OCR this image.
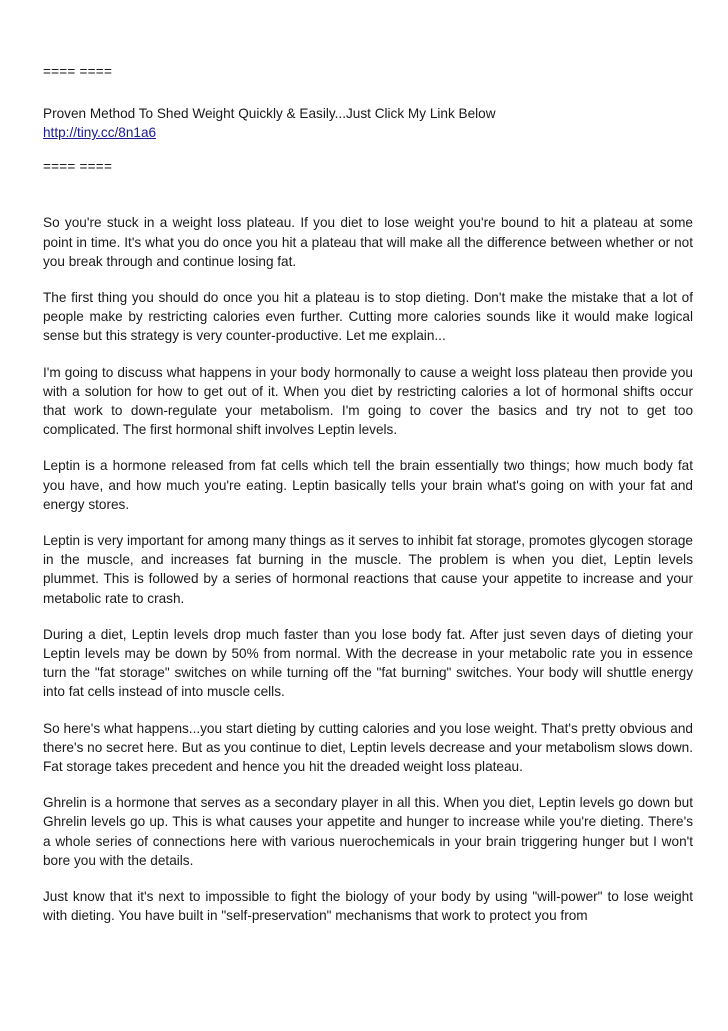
==== ====
Proven Method To Shed Weight Quickly & Easily...Just Click My Link Below
http://tiny.cc/8n1a6
==== ====

So you're stuck in a weight loss plateau. If you diet to lose weight you're bound to hit a plateau at some point in time. It's what you do once you hit a plateau that will make all the difference between whether or not you break through and continue losing fat.

The first thing you should do once you hit a plateau is to stop dieting. Don't make the mistake that a lot of people make by restricting calories even further. Cutting more calories sounds like it would make logical sense but this strategy is very counter-productive. Let me explain...

I'm going to discuss what happens in your body hormonally to cause a weight loss plateau then provide you with a solution for how to get out of it. When you diet by restricting calories a lot of hormonal shifts occur that work to down-regulate your metabolism. I'm going to cover the basics and try not to get too complicated. The first hormonal shift involves Leptin levels.

Leptin is a hormone released from fat cells which tell the brain essentially two things; how much body fat you have, and how much you're eating. Leptin basically tells your brain what's going on with your fat and energy stores.

Leptin is very important for among many things as it serves to inhibit fat storage, promotes glycogen storage in the muscle, and increases fat burning in the muscle. The problem is when you diet, Leptin levels plummet. This is followed by a series of hormonal reactions that cause your appetite to increase and your metabolic rate to crash.

During a diet, Leptin levels drop much faster than you lose body fat. After just seven days of dieting your Leptin levels may be down by 50% from normal. With the decrease in your metabolic rate you in essence turn the "fat storage" switches on while turning off the "fat burning" switches. Your body will shuttle energy into fat cells instead of into muscle cells.

So here's what happens...you start dieting by cutting calories and you lose weight. That's pretty obvious and there's no secret here. But as you continue to diet, Leptin levels decrease and your metabolism slows down. Fat storage takes precedent and hence you hit the dreaded weight loss plateau.

Ghrelin is a hormone that serves as a secondary player in all this. When you diet, Leptin levels go down but Ghrelin levels go up. This is what causes your appetite and hunger to increase while you're dieting. There's a whole series of connections here with various nuerochemicals in your brain triggering hunger but I won't bore you with the details.

Just know that it's next to impossible to fight the biology of your body by using "will-power" to lose weight with dieting. You have built in "self-preservation" mechanisms that work to protect you from
